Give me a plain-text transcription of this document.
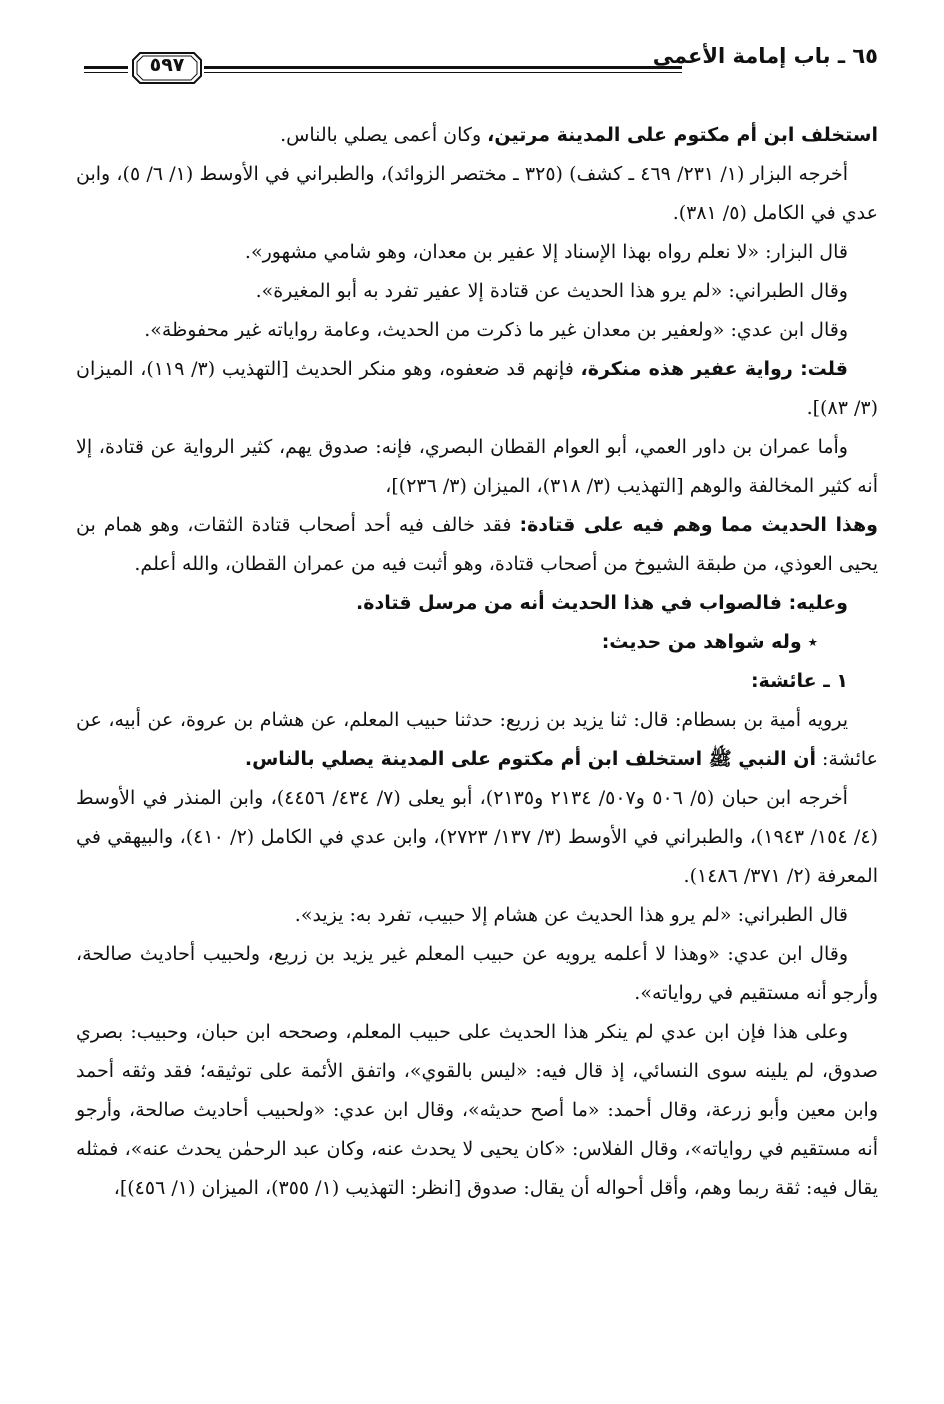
٦٥ ـ باب إمامة الأعمى
٥٩٧

استخلف ابن أم مكتوم على المدينة مرتين، وكان أعمى يصلي بالناس.

أخرجه البزار (١/ ٢٣١/ ٤٦٩ ـ كشف) (٣٢٥ ـ مختصر الزوائد)، والطبراني في الأوسط (١/ ٦/ ٥)، وابن عدي في الكامل (٥/ ٣٨١).

قال البزار: «لا نعلم رواه بهذا الإسناد إلا عفير بن معدان، وهو شامي مشهور».

وقال الطبراني: «لم يرو هذا الحديث عن قتادة إلا عفير تفرد به أبو المغيرة».

وقال ابن عدي: «ولعفير بن معدان غير ما ذكرت من الحديث، وعامة رواياته غير محفوظة».

قلت: رواية عفير هذه منكرة، فإنهم قد ضعفوه، وهو منكر الحديث [التهذيب (٣/ ١١٩)، الميزان (٣/ ٨٣)].

وأما عمران بن داور العمي، أبو العوام القطان البصري، فإنه: صدوق يهم، كثير الرواية عن قتادة، إلا أنه كثير المخالفة والوهم [التهذيب (٣/ ٣١٨)، الميزان (٣/ ٢٣٦)]،

وهذا الحديث مما وهم فيه على قتادة: فقد خالف فيه أحد أصحاب قتادة الثقات، وهو همام بن يحيى العوذي، من طبقة الشيوخ من أصحاب قتادة، وهو أثبت فيه من عمران القطان، والله أعلم.

وعليه: فالصواب في هذا الحديث أنه من مرسل قتادة.

٭وله شواهد من حديث:

١ ـ عائشة:

يرويه أمية بن بسطام: قال: ثنا يزيد بن زريع: حدثنا حبيب المعلم، عن هشام بن عروة، عن أبيه، عن عائشة: أن النبي ﷺ استخلف ابن أم مكتوم على المدينة يصلي بالناس.

أخرجه ابن حبان (٥/ ٥٠٦ و٥٠٧/ ٢١٣٤ و٢١٣٥)، أبو يعلى (٧/ ٤٣٤/ ٤٤٥٦)، وابن المنذر في الأوسط (٤/ ١٥٤/ ١٩٤٣)، والطبراني في الأوسط (٣/ ١٣٧/ ٢٧٢٣)، وابن عدي في الكامل (٢/ ٤١٠)، والبيهقي في المعرفة (٢/ ٣٧١/ ١٤٨٦).

قال الطبراني: «لم يرو هذا الحديث عن هشام إلا حبيب، تفرد به: يزيد».

وقال ابن عدي: «وهذا لا أعلمه يرويه عن حبيب المعلم غير يزيد بن زريع، ولحبيب أحاديث صالحة، وأرجو أنه مستقيم في رواياته».

وعلى هذا فإن ابن عدي لم ينكر هذا الحديث على حبيب المعلم، وصححه ابن حبان، وحبيب: بصري صدوق، لم يلينه سوى النسائي، إذ قال فيه: «ليس بالقوي»، واتفق الأئمة على توثيقه؛ فقد وثقه أحمد وابن معين وأبو زرعة، وقال أحمد: «ما أصح حديثه»، وقال ابن عدي: «ولحبيب أحاديث صالحة، وأرجو أنه مستقيم في رواياته»، وقال الفلاس: «كان يحيى لا يحدث عنه، وكان عبد الرحمٰن يحدث عنه»، فمثله يقال فيه: ثقة ربما وهم، وأقل أحواله أن يقال: صدوق [انظر: التهذيب (١/ ٣٥٥)، الميزان (١/ ٤٥٦)]،
